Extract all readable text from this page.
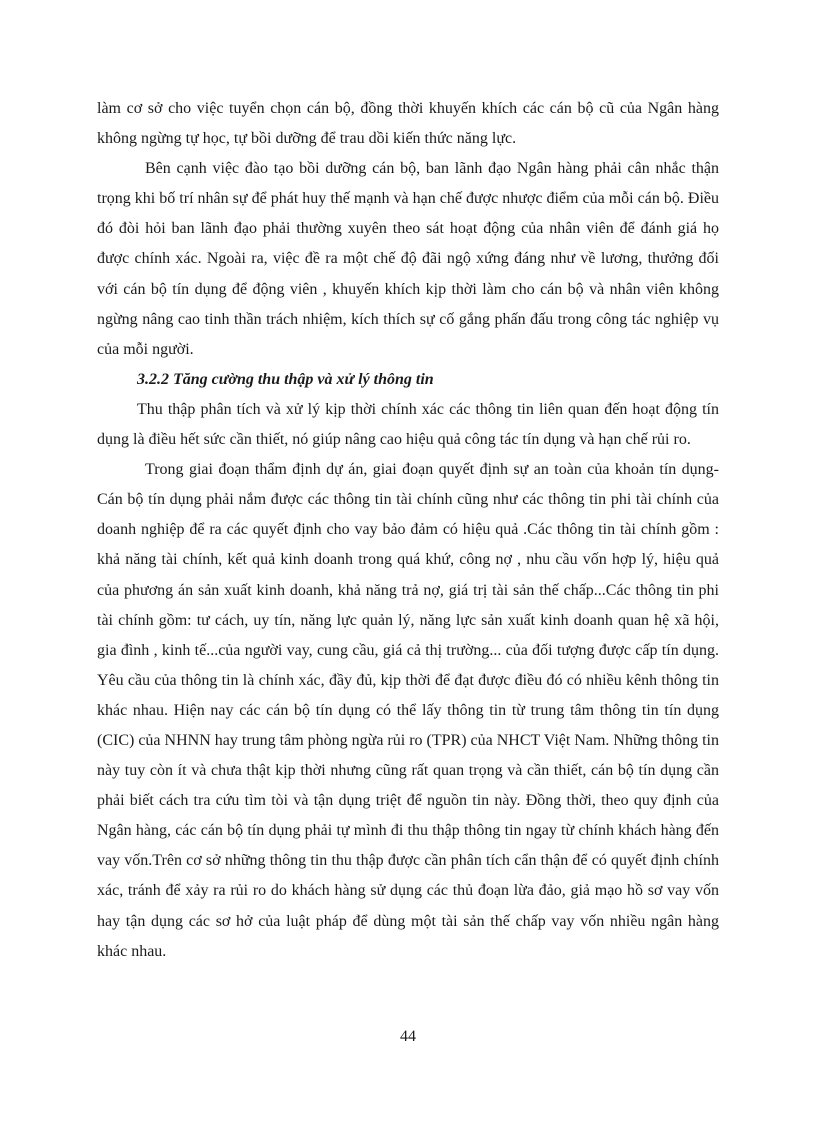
làm cơ sở cho việc tuyển chọn cán bộ, đồng thời khuyến khích các cán bộ cũ của Ngân hàng không ngừng tự học, tự bồi dưỡng để trau dồi kiến thức năng lực.

Bên cạnh việc đào tạo bồi dưỡng cán bộ, ban lãnh đạo Ngân hàng phải cân nhắc thận trọng khi bố trí nhân sự để phát huy thế mạnh và hạn chế được nhược điểm của mỗi cán bộ. Điều đó đòi hỏi ban lãnh đạo phải thường xuyên theo sát hoạt động của nhân viên để đánh giá họ được chính xác. Ngoài ra, việc đề ra một chế độ đãi ngộ xứng đáng như về lương, thưởng đối với cán bộ tín dụng để động viên , khuyến khích kịp thời làm cho cán bộ và nhân viên không ngừng nâng cao tinh thần trách nhiệm, kích thích sự cố gắng phấn đấu trong công tác nghiệp vụ của mỗi người.

3.2.2 Tăng cường thu thập và xử lý thông tin

Thu thập phân tích và xử lý kịp thời chính xác các thông tin liên quan đến hoạt động tín dụng là điều hết sức cần thiết, nó giúp nâng cao hiệu quả công tác tín dụng và hạn chế rủi ro.

Trong giai đoạn thẩm định dự án, giai đoạn quyết định sự an toàn của khoản tín dụng- Cán bộ tín dụng phải nắm được các thông tin tài chính cũng như các thông tin phi tài chính của doanh nghiệp để ra các quyết định cho vay bảo đảm có hiệu quả .Các thông tin tài chính gồm : khả năng tài chính, kết quả kinh doanh trong quá khứ, công nợ , nhu cầu vốn hợp lý, hiệu quả của phương án sản xuất kinh doanh, khả năng trả nợ, giá trị tài sản thế chấp...Các thông tin phi tài chính gồm: tư cách, uy tín, năng lực quản lý, năng lực sản xuất kinh doanh quan hệ xã hội, gia đình , kinh tế...của người vay, cung cầu, giá cả thị trường... của đối tượng được cấp tín dụng. Yêu cầu của thông tin là chính xác, đầy đủ, kịp thời để đạt được điều đó có nhiều kênh thông tin khác nhau. Hiện nay các cán bộ tín dụng có thể lấy thông tin từ trung tâm thông tin tín dụng (CIC) của NHNN hay trung tâm phòng ngừa rủi ro (TPR) của NHCT Việt Nam. Những thông tin này tuy còn ít và chưa thật kịp thời nhưng cũng rất quan trọng và cần thiết, cán bộ tín dụng cần phải biết cách tra cứu tìm tòi và tận dụng triệt để nguồn tin này. Đồng thời, theo quy định của Ngân hàng, các cán bộ tín dụng phải tự mình đi thu thập thông tin ngay từ chính khách hàng đến vay vốn.Trên cơ sở những thông tin thu thập được cần phân tích cẩn thận để có quyết định chính xác, tránh để xảy ra rủi ro do khách hàng sử dụng các thủ đoạn lừa đảo, giả mạo hồ sơ vay vốn hay tận dụng các sơ hở của luật pháp để dùng một tài sản thế chấp vay vốn nhiều ngân hàng khác nhau.

44
